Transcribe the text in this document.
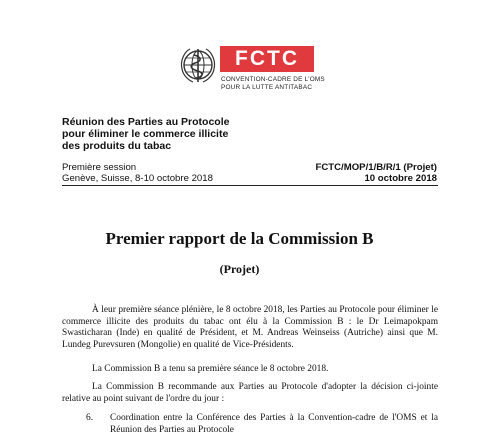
FCTC
CONVENTION-CADRE DE L'OMS
POUR LA LUTTE ANTITABAC
Réunion des Parties au Protocole
pour éliminer le commerce illicite
des produits du tabac
Première session
Genève, Suisse, 8-10 octobre 2018
FCTC/MOP/1/B/R/1 (Projet)
10 octobre 2018
Premier rapport de la Commission B
(Projet)
À leur première séance plénière, le 8 octobre 2018, les Parties au Protocole pour éliminer le commerce illicite des produits du tabac ont élu à la Commission B : le Dr Leimapokpam Swasticharan (Inde) en qualité de Président, et M. Andreas Weinseiss (Autriche) ainsi que M. Lundeg Purevsuren (Mongolie) en qualité de Vice-Présidents.
La Commission B a tenu sa première séance le 8 octobre 2018.
La Commission B recommande aux Parties au Protocole d'adopter la décision ci-jointe relative au point suivant de l'ordre du jour :
6. Coordination entre la Conférence des Parties à la Convention-cadre de l'OMS et la Réunion des Parties au Protocole
